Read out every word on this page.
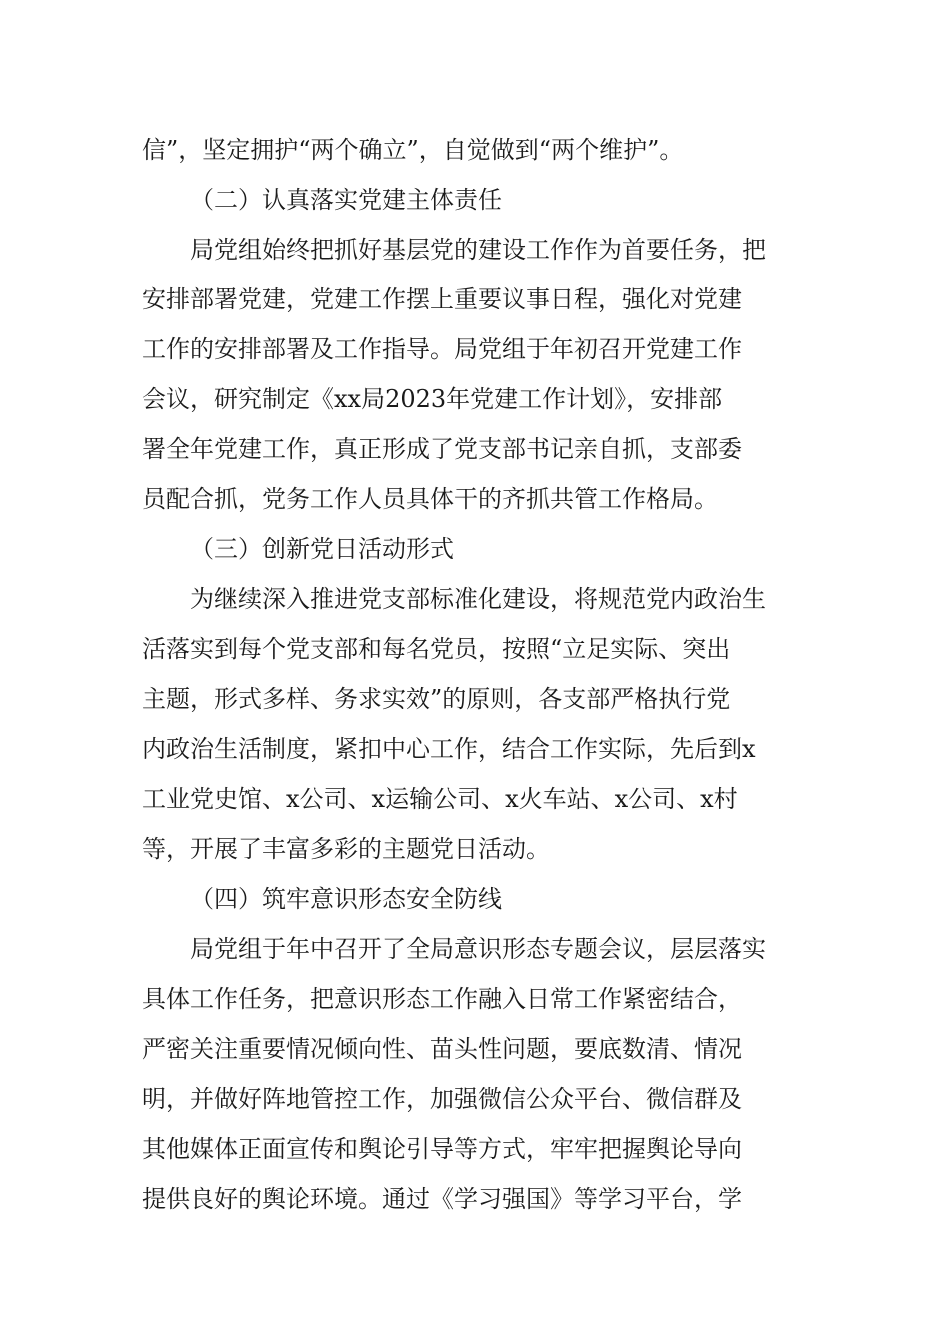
信”，坚定拥护“两个确立”，自觉做到“两个维护”。
（二）认真落实党建主体责任
局党组始终把抓好基层党的建设工作作为首要任务，把
安排部署党建，党建工作摆上重要议事日程，强化对党建
工作的安排部署及工作指导。局党组于年初召开党建工作
会议，研究制定《xx局2023年党建工作计划》，安排部
署全年党建工作，真正形成了党支部书记亲自抓，支部委
员配合抓，党务工作人员具体干的齐抓共管工作格局。
（三）创新党日活动形式
为继续深入推进党支部标准化建设，将规范党内政治生
活落实到每个党支部和每名党员，按照“立足实际、突出
主题，形式多样、务求实效”的原则，各支部严格执行党
内政治生活制度，紧扣中心工作，结合工作实际，先后到x
工业党史馆、x公司、x运输公司、x火车站、x公司、x村
等，开展了丰富多彩的主题党日活动。
（四）筑牢意识形态安全防线
局党组于年中召开了全局意识形态专题会议，层层落实
具体工作任务，把意识形态工作融入日常工作紧密结合，
严密关注重要情况倾向性、苗头性问题，要底数清、情况
明，并做好阵地管控工作，加强微信公众平台、微信群及
其他媒体正面宣传和舆论引导等方式，牢牢把握舆论导向
提供良好的舆论环境。通过《学习强国》等学习平台，学
